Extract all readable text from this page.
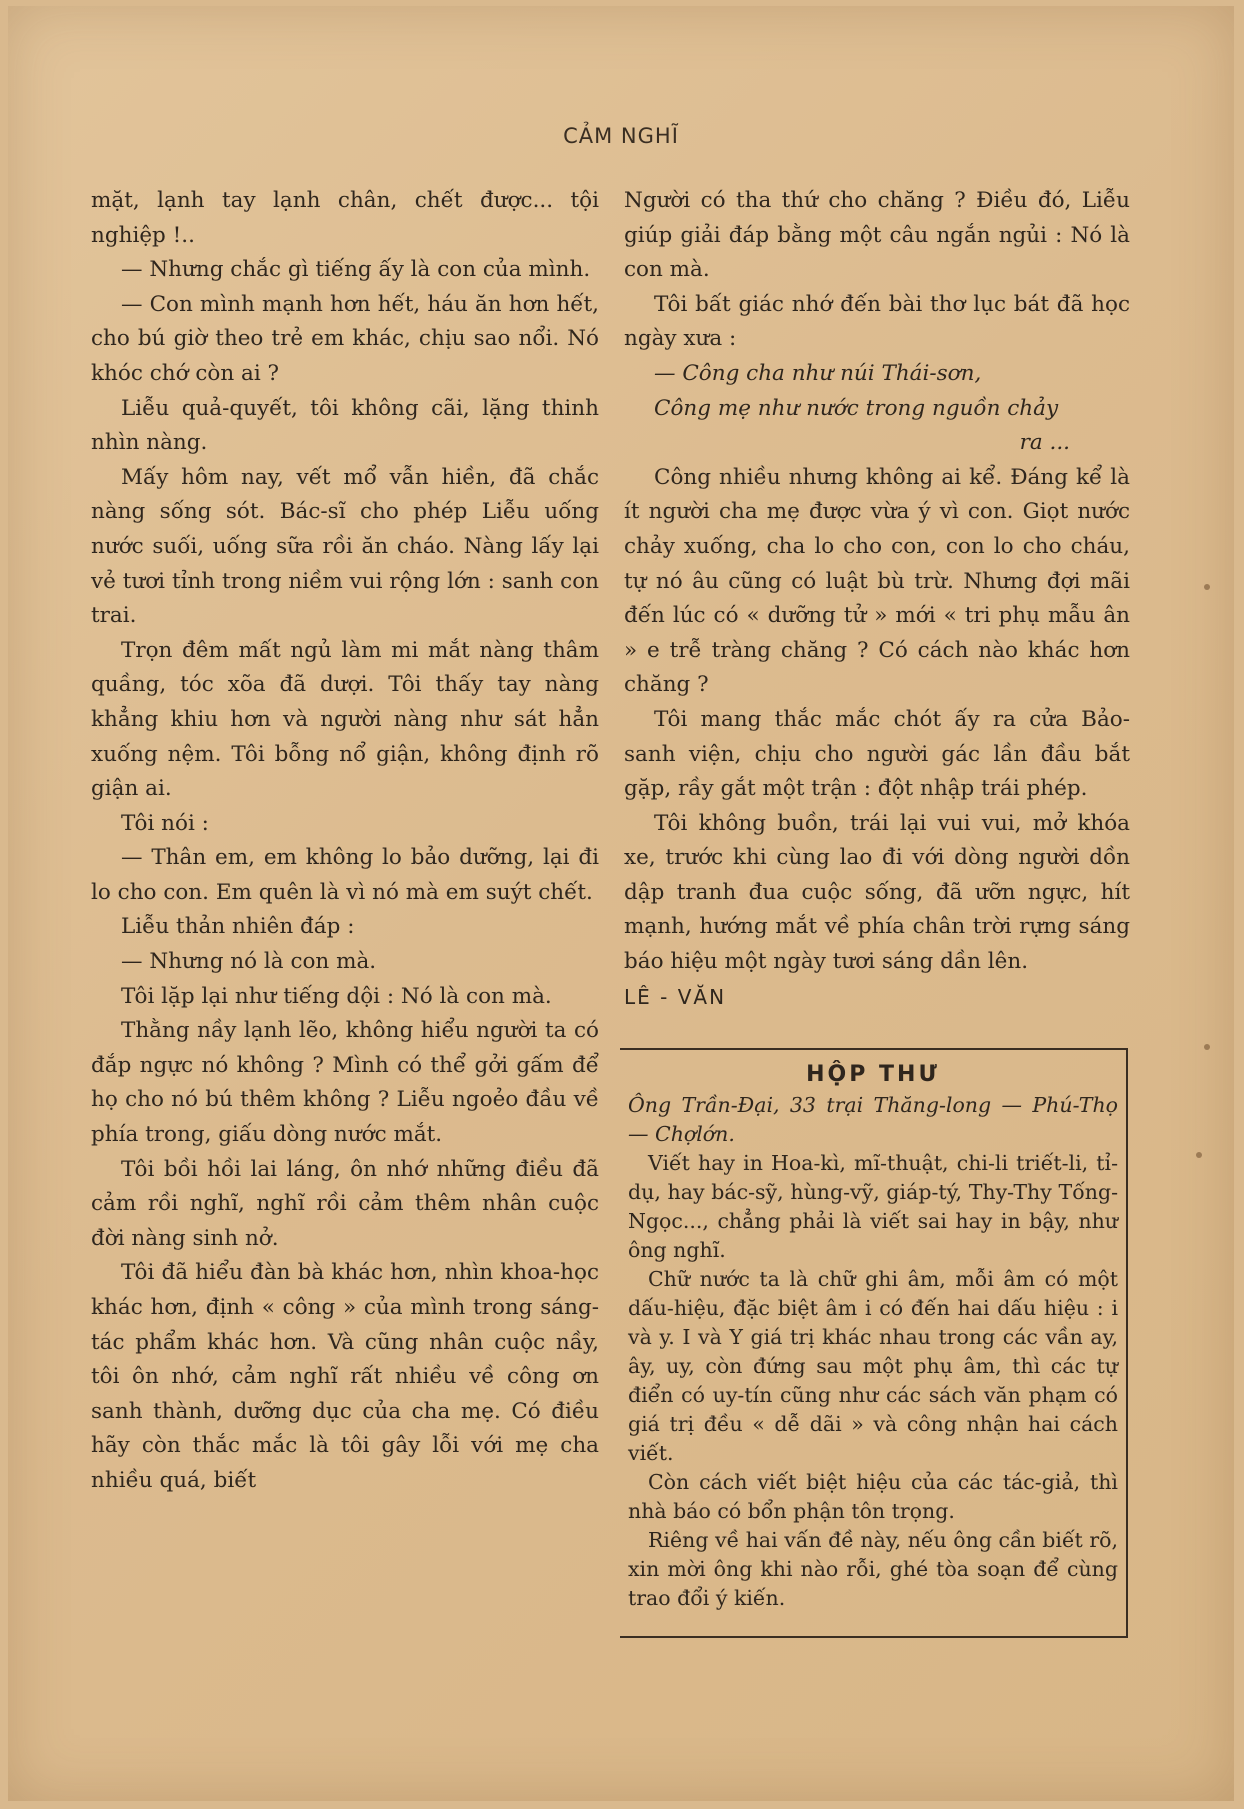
CẢM NGHĨ

mặt, lạnh tay lạnh chân, chết được... tội nghiệp !..

— Nhưng chắc gì tiếng ấy là con của mình.

— Con mình mạnh hơn hết, háu ăn hơn hết, cho bú giờ theo trẻ em khác, chịu sao nổi. Nó khóc chớ còn ai ?

Liễu quả-quyết, tôi không cãi, lặng thinh nhìn nàng.

Mấy hôm nay, vết mổ vẫn hiền, đã chắc nàng sống sót. Bác-sĩ cho phép Liễu uống nước suối, uống sữa rồi ăn cháo. Nàng lấy lại vẻ tươi tỉnh trong niềm vui rộng lớn : sanh con trai.

Trọn đêm mất ngủ làm mi mắt nàng thâm quầng, tóc xõa đã dượi. Tôi thấy tay nàng khẳng khiu hơn và người nàng như sát hẳn xuống nệm. Tôi bỗng nổ giận, không định rõ giận ai.

Tôi nói :

— Thân em, em không lo bảo dưỡng, lại đi lo cho con. Em quên là vì nó mà em suýt chết.

Liễu thản nhiên đáp :

— Nhưng nó là con mà.

Tôi lặp lại như tiếng dội : Nó là con mà.

Thằng nầy lạnh lẽo, không hiểu người ta có đắp ngực nó không ? Mình có thể gởi gấm để họ cho nó bú thêm không ? Liễu ngoẻo đầu về phía trong, giấu dòng nước mắt.

Tôi bồi hồi lai láng, ôn nhớ những điều đã cảm rồi nghĩ, nghĩ rồi cảm thêm nhân cuộc đời nàng sinh nở.

Tôi đã hiểu đàn bà khác hơn, nhìn khoa-học khác hơn, định « công » của mình trong sáng-tác phẩm khác hơn. Và cũng nhân cuộc nầy, tôi ôn nhớ, cảm nghĩ rất nhiều về công ơn sanh thành, dưỡng dục của cha mẹ. Có điều hãy còn thắc mắc là tôi gây lỗi với mẹ cha nhiều quá, biết

Người có tha thứ cho chăng ? Điều đó, Liễu giúp giải đáp bằng một câu ngắn ngủi : Nó là con mà.

Tôi bất giác nhớ đến bài thơ lục bát đã học ngày xưa :

— Công cha như núi Thái-sơn,

Công mẹ như nước trong nguồn chảy

ra ...

Công nhiều nhưng không ai kể. Đáng kể là ít người cha mẹ được vừa ý vì con. Giọt nước chảy xuống, cha lo cho con, con lo cho cháu, tự nó âu cũng có luật bù trừ. Nhưng đợi mãi đến lúc có « dưỡng tử » mới « tri phụ mẫu ân » e trễ tràng chăng ? Có cách nào khác hơn chăng ?

Tôi mang thắc mắc chót ấy ra cửa Bảo-sanh viện, chịu cho người gác lần đầu bắt gặp, rầy gắt một trận : đột nhập trái phép.

Tôi không buồn, trái lại vui vui, mở khóa xe, trước khi cùng lao đi với dòng người dồn dập tranh đua cuộc sống, đã ưỡn ngực, hít mạnh, hướng mắt về phía chân trời rựng sáng báo hiệu một ngày tươi sáng dần lên.

LÊ - VĂN

HỘP THƯ

Ông Trần-Đại, 33 trại Thăng-long — Phú-Thọ — Chợlớn.

Viết hay in Hoa-kì, mĩ-thuật, chi-li triết-li, tỉ-dụ, hay bác-sỹ, hùng-vỹ, giáp-tý, Thy-Thy Tống-Ngọc..., chẳng phải là viết sai hay in bậy, như ông nghĩ.

Chữ nước ta là chữ ghi âm, mỗi âm có một dấu-hiệu, đặc biệt âm i có đến hai dấu hiệu : i và y. I và Y giá trị khác nhau trong các vần ay, ây, uy, còn đứng sau một phụ âm, thì các tự điển có uy-tín cũng như các sách văn phạm có giá trị đều « dễ dãi » và công nhận hai cách viết.

Còn cách viết biệt hiệu của các tác-giả, thì nhà báo có bổn phận tôn trọng.

Riêng về hai vấn đề này, nếu ông cần biết rõ, xin mời ông khi nào rỗi, ghé tòa soạn để cùng trao đổi ý kiến.
